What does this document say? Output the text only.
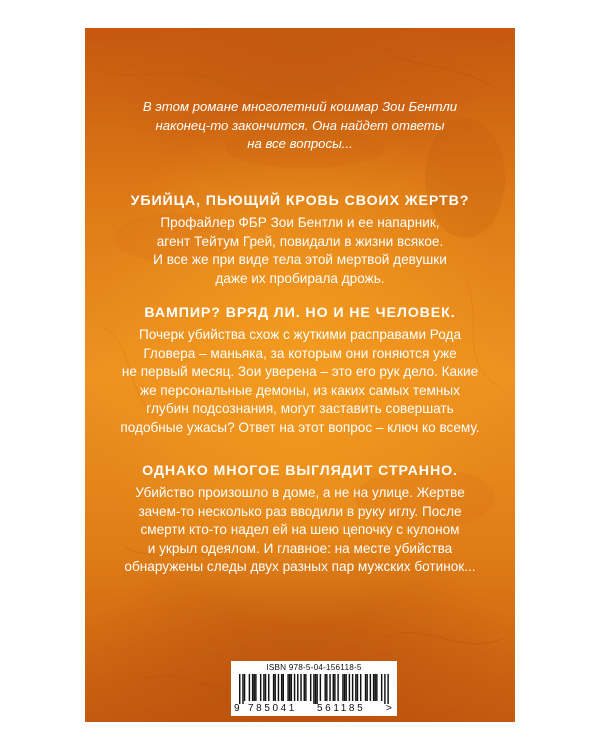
В этом романе многолетний кошмар Зои Бентли
наконец-то закончится. Она найдет ответы
на все вопросы...

УБИЙЦА, ПЬЮЩИЙ КРОВЬ СВОИХ ЖЕРТВ?

Профайлер ФБР Зои Бентли и ее напарник,
агент Тейтум Грей, повидали в жизни всякое.
И все же при виде тела этой мертвой девушки
даже их пробирала дрожь.

ВАМПИР? ВРЯД ЛИ. НО И НЕ ЧЕЛОВЕК.

Почерк убийства схож с жуткими расправами Рода
Гловера – маньяка, за которым они гоняются уже
не первый месяц. Зои уверена – это его рук дело. Какие
же персональные демоны, из каких самых темных
глубин подсознания, могут заставить совершать
подобные ужасы? Ответ на этот вопрос – ключ ко всему.

ОДНАКО МНОГОЕ ВЫГЛЯДИТ СТРАННО.

Убийство произошло в доме, а не на улице. Жертве
зачем-то несколько раз вводили в руку иглу. После
смерти кто-то надел ей на шею цепочку с кулоном
и укрыл одеялом. И главное: на месте убийства
обнаружены следы двух разных пар мужских ботинок...

ISBN 978-5-04-156118-5
9 785041 561185 >
